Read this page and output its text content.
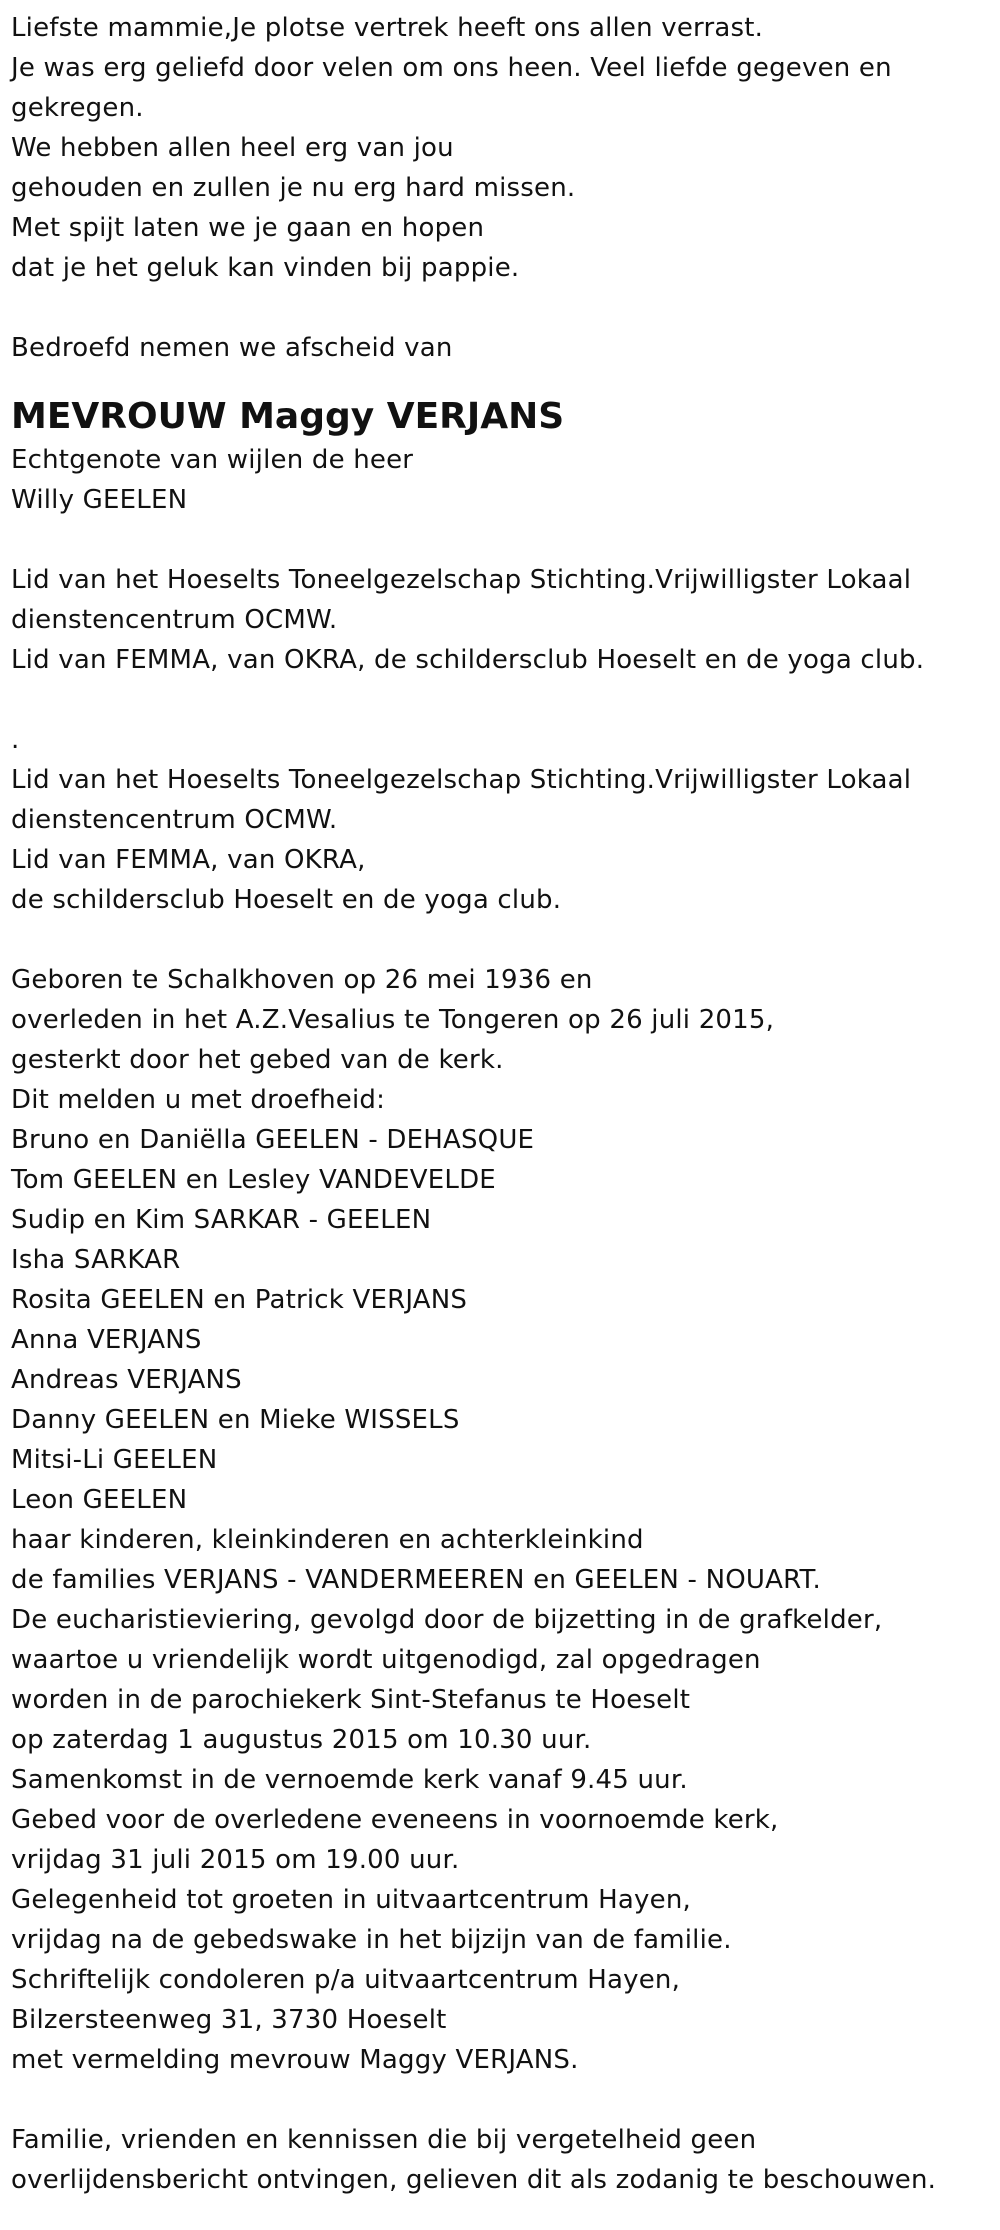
Liefste mammie,Je plotse vertrek heeft ons allen verrast.
Je was erg geliefd door velen om ons heen. Veel liefde gegeven en
gekregen.
We hebben allen heel erg van jou
gehouden en zullen je nu erg hard missen.
Met spijt laten we je gaan en hopen
dat je het geluk kan vinden bij pappie.
Bedroefd nemen we afscheid van
MEVROUW Maggy VERJANS
Echtgenote van wijlen de heer
Willy GEELEN
Lid van het Hoeselts Toneelgezelschap Stichting.Vrijwilligster Lokaal
dienstencentrum OCMW.
Lid van FEMMA, van OKRA, de schildersclub Hoeselt en de yoga club.
.
Lid van het Hoeselts Toneelgezelschap Stichting.Vrijwilligster Lokaal
dienstencentrum OCMW.
Lid van FEMMA, van OKRA,
de schildersclub Hoeselt en de yoga club.
Geboren te Schalkhoven op 26 mei 1936 en
overleden in het A.Z.Vesalius te Tongeren op 26 juli 2015,
gesterkt door het gebed van de kerk.
Dit melden u met droefheid:
Bruno en Daniëlla GEELEN - DEHASQUE
Tom GEELEN en Lesley VANDEVELDE
Sudip en Kim SARKAR - GEELEN
Isha SARKAR
Rosita GEELEN en Patrick VERJANS
Anna VERJANS
Andreas VERJANS
Danny GEELEN en Mieke WISSELS
Mitsi-Li GEELEN
Leon GEELEN
haar kinderen, kleinkinderen en achterkleinkind
de families VERJANS - VANDERMEEREN en GEELEN - NOUART.
De eucharistieviering, gevolgd door de bijzetting in de grafkelder,
waartoe u vriendelijk wordt uitgenodigd, zal opgedragen
worden in de parochiekerk Sint-Stefanus te Hoeselt
op zaterdag 1 augustus 2015 om 10.30 uur.
Samenkomst in de vernoemde kerk vanaf 9.45 uur.
Gebed voor de overledene eveneens in voornoemde kerk,
vrijdag 31 juli 2015 om 19.00 uur.
Gelegenheid tot groeten in uitvaartcentrum Hayen,
vrijdag na de gebedswake in het bijzijn van de familie.
Schriftelijk condoleren p/a uitvaartcentrum Hayen,
Bilzersteenweg 31, 3730 Hoeselt
met vermelding mevrouw Maggy VERJANS.
Familie, vrienden en kennissen die bij vergetelheid geen
overlijdensbericht ontvingen, gelieven dit als zodanig te beschouwen.
